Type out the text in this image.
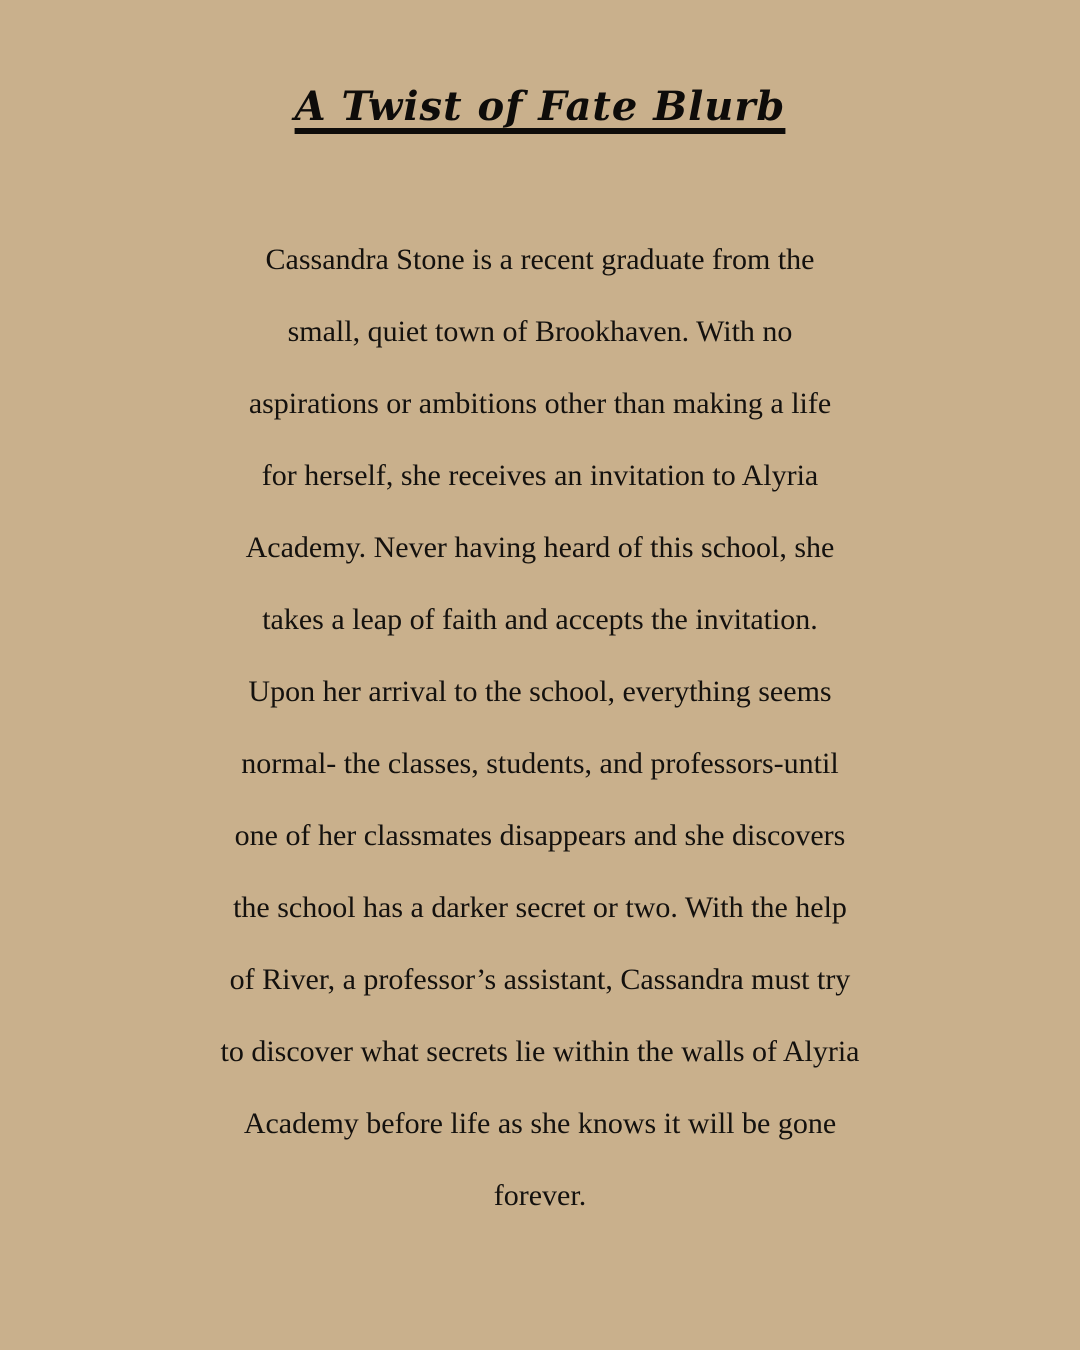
A Twist of Fate Blurb
Cassandra Stone is a recent graduate from the
small, quiet town of Brookhaven. With no
aspirations or ambitions other than making a life
for herself, she receives an invitation to Alyria
Academy. Never having heard of this school, she
takes a leap of faith and accepts the invitation.
Upon her arrival to the school, everything seems
normal- the classes, students, and professors-until
one of her classmates disappears and she discovers
the school has a darker secret or two. With the help
of River, a professor’s assistant, Cassandra must try
to discover what secrets lie within the walls of Alyria
Academy before life as she knows it will be gone
forever.
